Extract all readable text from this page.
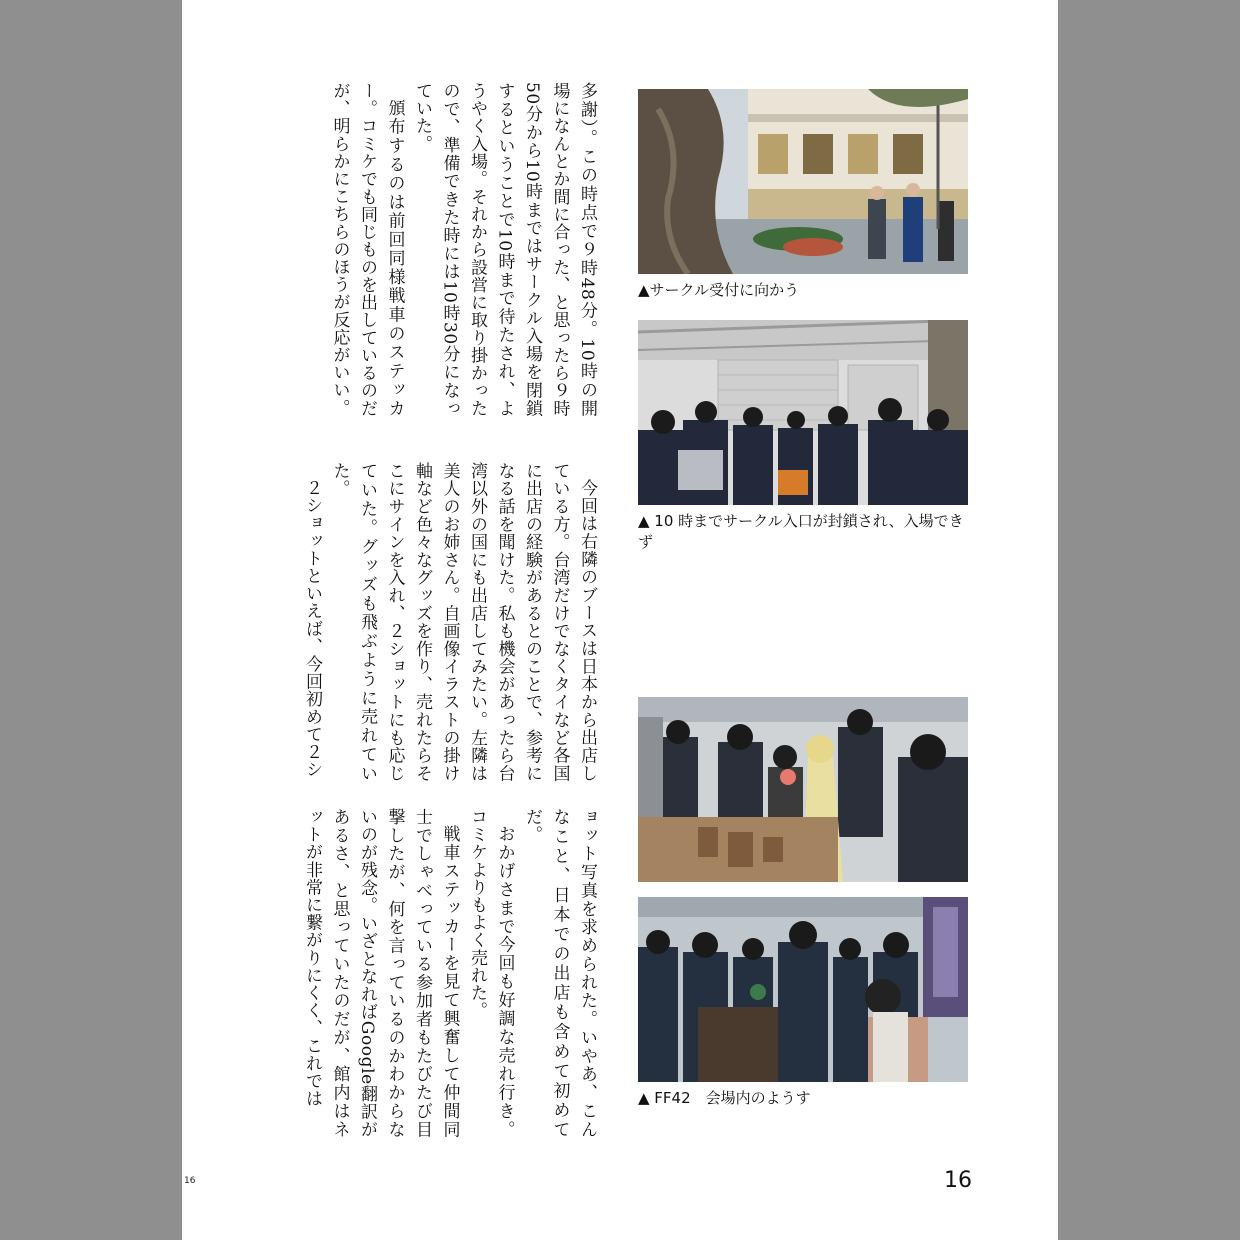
多謝）。この時点で９時48分。10時の開場になんとか間に合った、と思ったら９時50分から10時まではサークル入場を閉鎖するということで10時まで待たされ、ようやく入場。それから設営に取り掛かったので、準備できた時には10時30分になっていた。

頒布するのは前回同様戦車のステッカー。コミケでも同じものを出しているのだが、明らかにこちらのほうが反応がいい。

今回は右隣のブースは日本から出店している方。台湾だけでなくタイなど各国に出店の経験があるとのことで、参考になる話を聞けた。私も機会があったら台湾以外の国にも出店してみたい。左隣は美人のお姉さん。自画像イラストの掛け軸など色々なグッズを作り、売れたらそこにサインを入れ、２ショットにも応じていた。グッズも飛ぶように売れていた。

２ショットといえば、今回初めて２シ

ョット写真を求められた。いやあ、こんなこと、日本での出店も含めて初めてだ。

おかげさまで今回も好調な売れ行き。コミケよりもよく売れた。

戦車ステッカーを見て興奮して仲間同士でしゃべっている参加者もたびたび目撃したが、何を言っているのかわからないのが残念。いざとなればGoogle翻訳があるさ、と思っていたのだが、館内はネットが非常に繋がりにくく、これでは

▲サークル受付に向かう
▲ 10 時までサークル入口が封鎖され、入場できず
▲ FF42　会場内のようす
16	16
